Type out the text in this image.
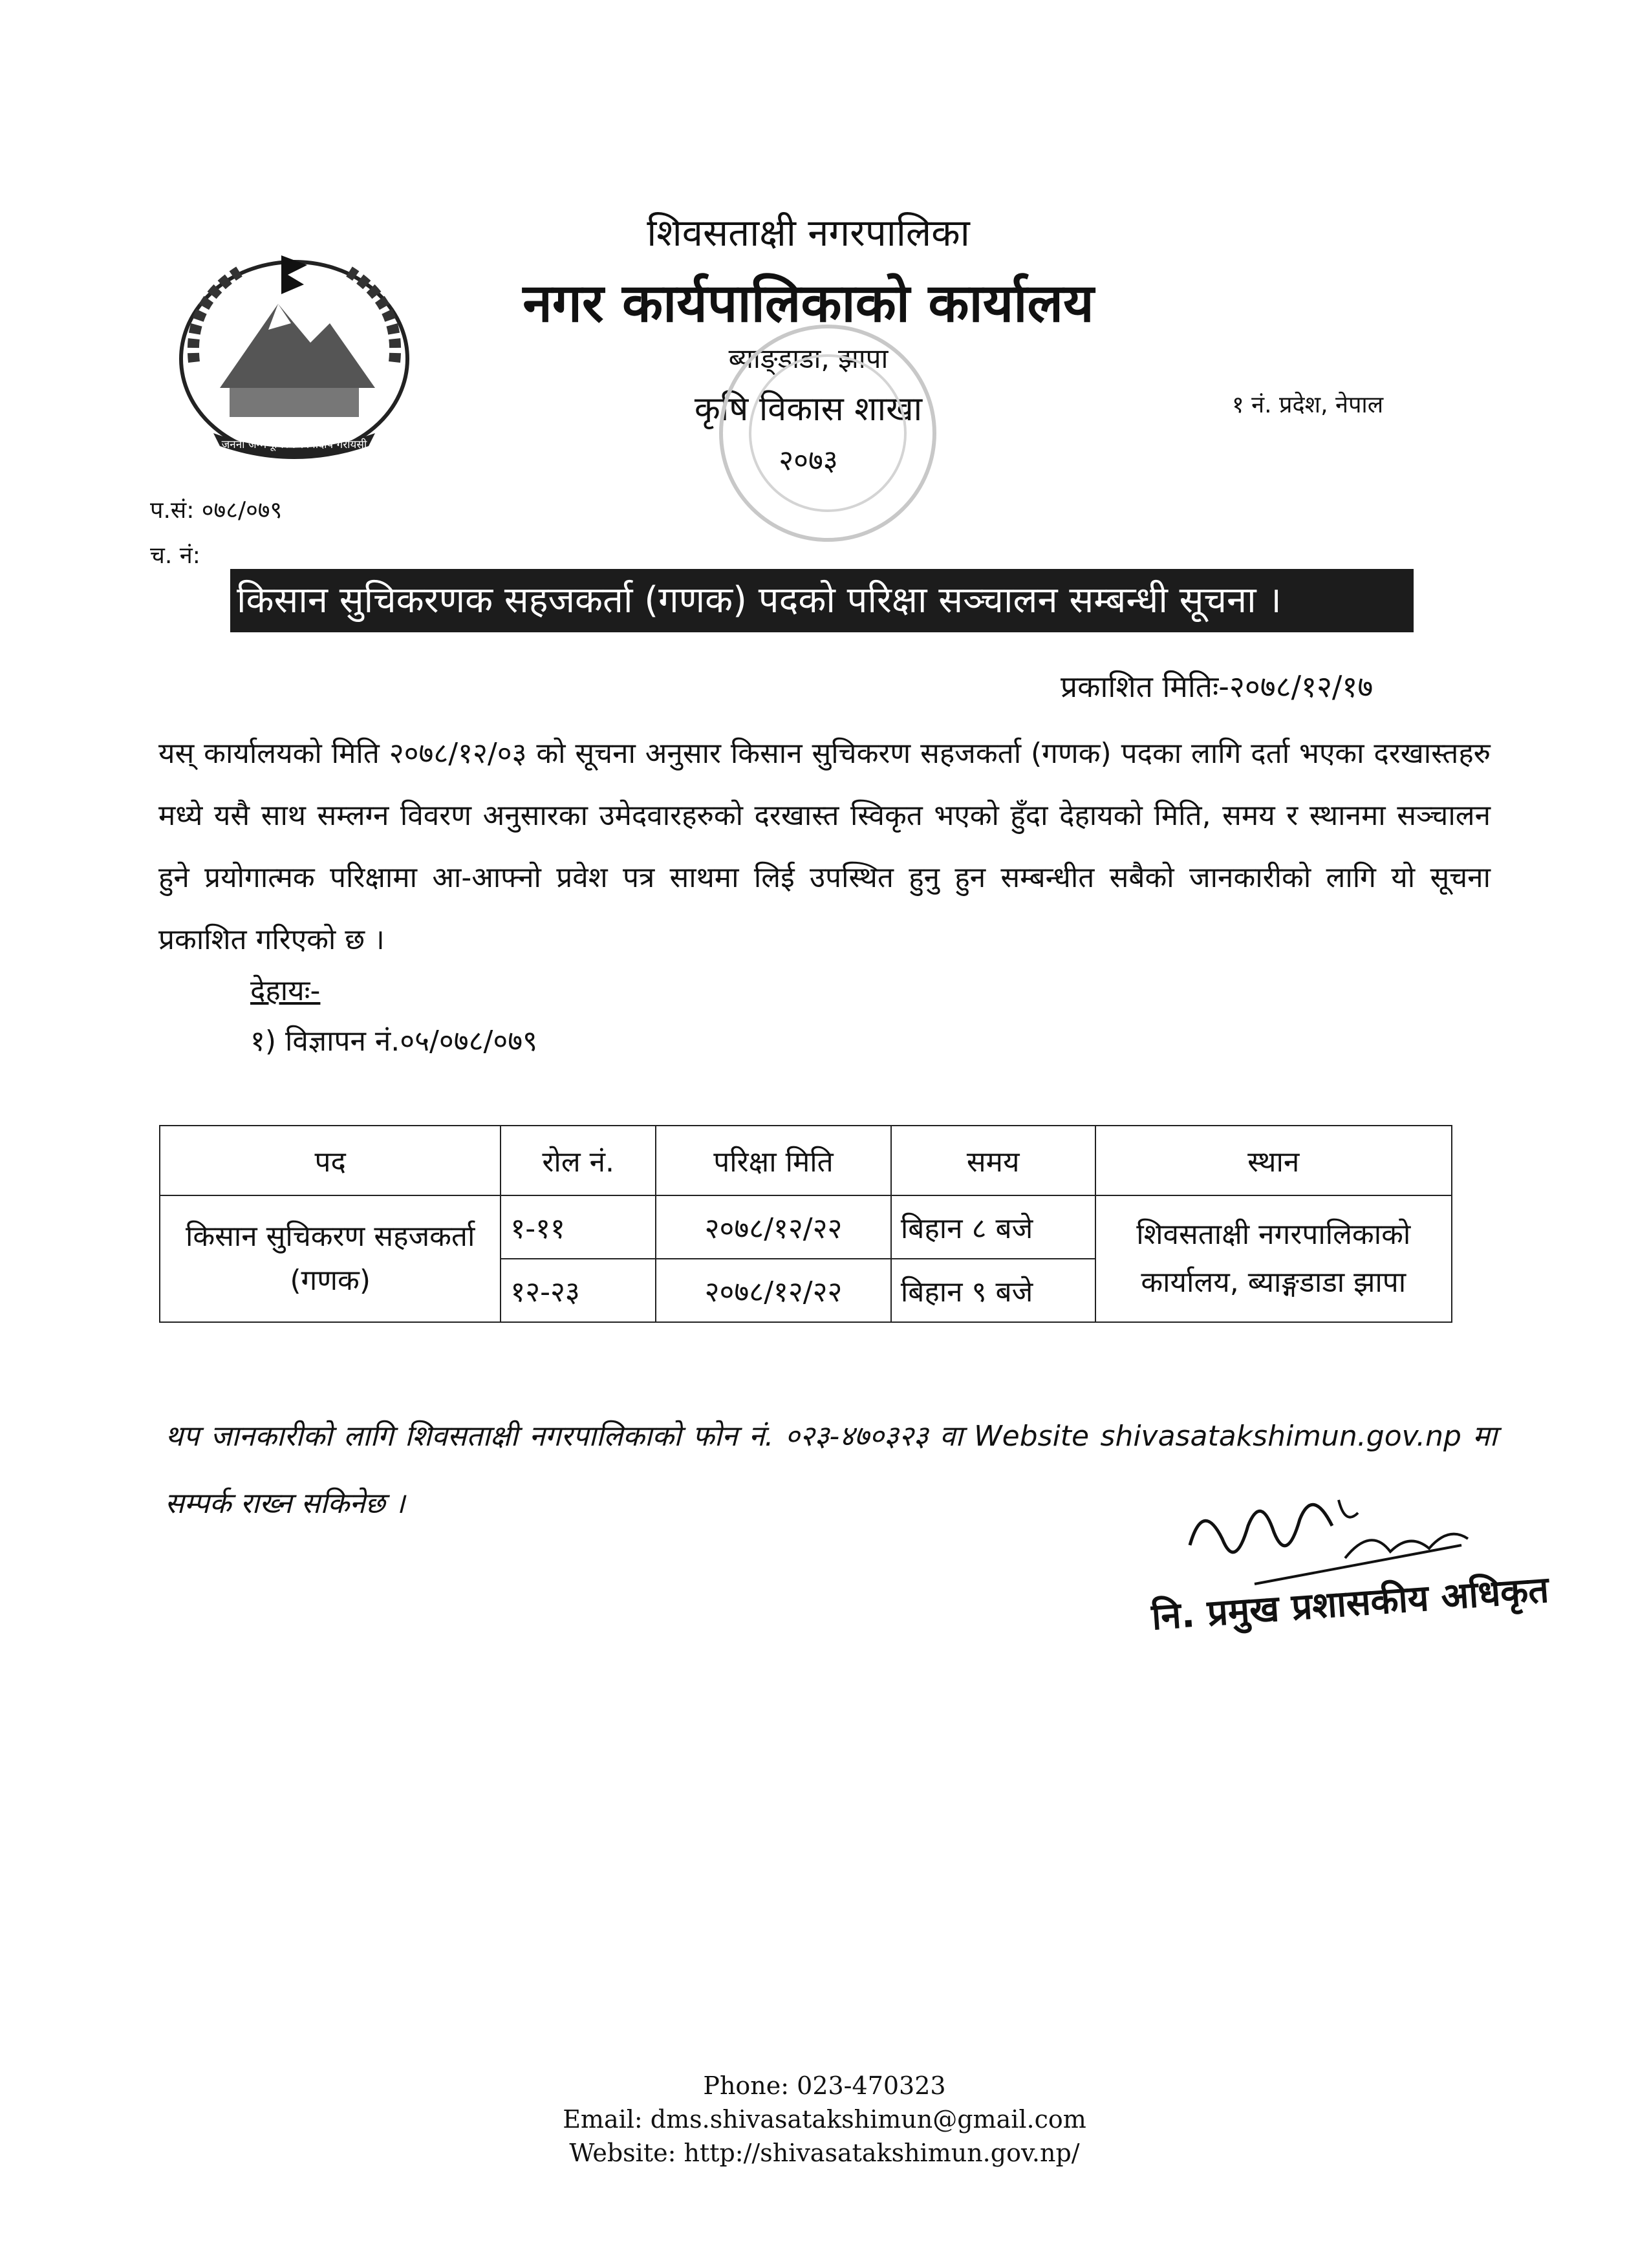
जननी जन्मभूमिश्च स्वर्गादपि गरीयसी
शिवसताक्षी नगरपालिका
नगर कार्यपालिकाको कार्यालय
ब्याङ्डाडा, झापा
कृषि विकास शाखा
२०७३
१ नं. प्रदेश, नेपाल
प.सं: ०७८/०७९
च. नं:
किसान सुचिकरणक सहजकर्ता (गणक) पदको परिक्षा सञ्चालन सम्बन्धी सूचना ।
प्रकाशित मितिः-२०७८/१२/१७
यस् कार्यालयको मिति २०७८/१२/०३ को सूचना अनुसार किसान सुचिकरण सहजकर्ता (गणक) पदका लागि दर्ता भएका दरखास्तहरु मध्ये यसै साथ सम्लग्न विवरण अनुसारका उमेदवारहरुको दरखास्त स्विकृत भएको हुँदा देहायको मिति, समय र स्थानमा सञ्चालन हुने प्रयोगात्मक परिक्षामा आ-आफ्नो प्रवेश पत्र साथमा लिई उपस्थित हुनु हुन सम्बन्धीत सबैको जानकारीको लागि यो सूचना प्रकाशित गरिएको छ ।
देहायः-
१) विज्ञापन नं.०५/०७८/०७९
पद	रोल नं.	परिक्षा मिति	समय	स्थान
किसान सुचिकरण सहजकर्ता (गणक)	१-११	२०७८/१२/२२	बिहान ८ बजे	शिवसताक्षी नगरपालिकाको कार्यालय, ब्याङ्गडाडा झापा
	१२-२३	२०७८/१२/२२	बिहान ९ बजे	
थप जानकारीको लागि शिवसताक्षी नगरपालिकाको फोन नं. ०२३-४७०३२३ वा Website shivasatakshimun.gov.np मा सम्पर्क राख्न सकिनेछ ।
नि. प्रमुख प्रशासकीय अधिकृत
Phone: 023-470323
Email: dms.shivasatakshimun@gmail.com
Website: http://shivasatakshimun.gov.np/
